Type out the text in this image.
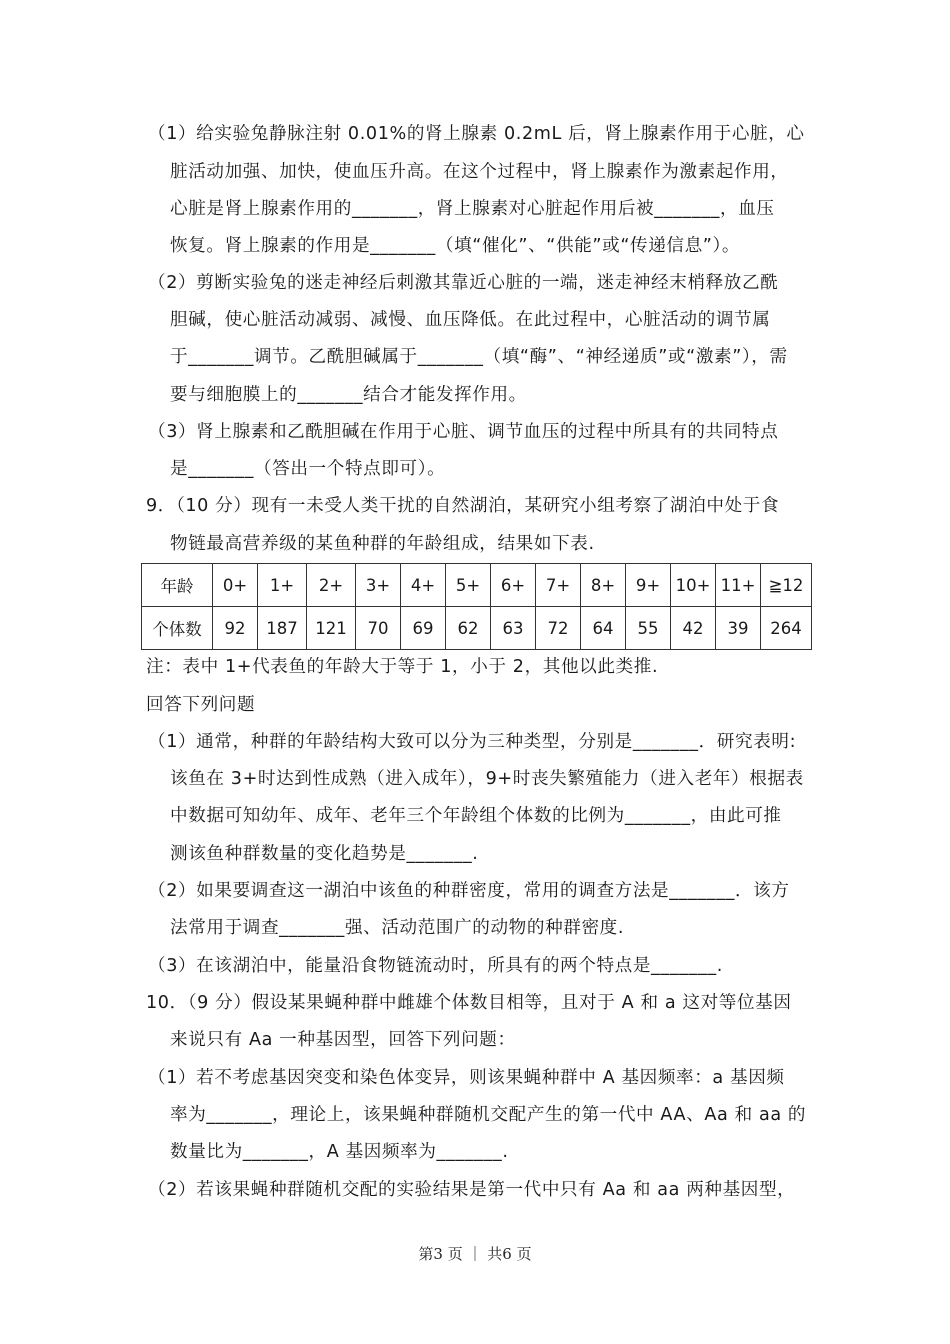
（1）给实验兔静脉注射 0.01%的肾上腺素 0.2mL 后，肾上腺素作用于心脏，心
脏活动加强、加快，使血压升高。在这个过程中，肾上腺素作为激素起作用，
心脏是肾上腺素作用的_______，肾上腺素对心脏起作用后被_______，血压
恢复。肾上腺素的作用是_______（填“催化”、“供能”或“传递信息”）。
（2）剪断实验兔的迷走神经后刺激其靠近心脏的一端，迷走神经末梢释放乙酰
胆碱，使心脏活动减弱、减慢、血压降低。在此过程中，心脏活动的调节属
于_______调节。乙酰胆碱属于_______（填“酶”、“神经递质”或“激素”），需
要与细胞膜上的_______结合才能发挥作用。
（3）肾上腺素和乙酰胆碱在作用于心脏、调节血压的过程中所具有的共同特点
是_______（答出一个特点即可）。
9．（10 分）现有一未受人类干扰的自然湖泊，某研究小组考察了湖泊中处于食
物链最高营养级的某鱼种群的年龄组成，结果如下表.
年龄	0+	1+	2+	3+	4+	5+	6+	7+	8+	9+	10+	11+	≧12
个体数	92	187	121	70	69	62	63	72	64	55	42	39	264
注：表中 1+代表鱼的年龄大于等于 1，小于 2，其他以此类推.
回答下列问题
（1）通常，种群的年龄结构大致可以分为三种类型，分别是_______．研究表明:
该鱼在 3+时达到性成熟（进入成年），9+时丧失繁殖能力（进入老年）根据表
中数据可知幼年、成年、老年三个年龄组个体数的比例为_______，由此可推
测该鱼种群数量的变化趋势是_______.
（2）如果要调查这一湖泊中该鱼的种群密度，常用的调查方法是_______．该方
法常用于调查_______强、活动范围广的动物的种群密度.
（3）在该湖泊中，能量沿食物链流动时，所具有的两个特点是_______.
10．（9 分）假设某果蝇种群中雌雄个体数目相等，且对于 A 和 a 这对等位基因
来说只有 Aa 一种基因型，回答下列问题：
（1）若不考虑基因突变和染色体变异，则该果蝇种群中 A 基因频率：a 基因频
率为_______，理论上，该果蝇种群随机交配产生的第一代中 AA、Aa 和 aa 的
数量比为_______，A 基因频率为_______.
（2）若该果蝇种群随机交配的实验结果是第一代中只有 Aa 和 aa 两种基因型，
第3 页 ｜ 共6 页
